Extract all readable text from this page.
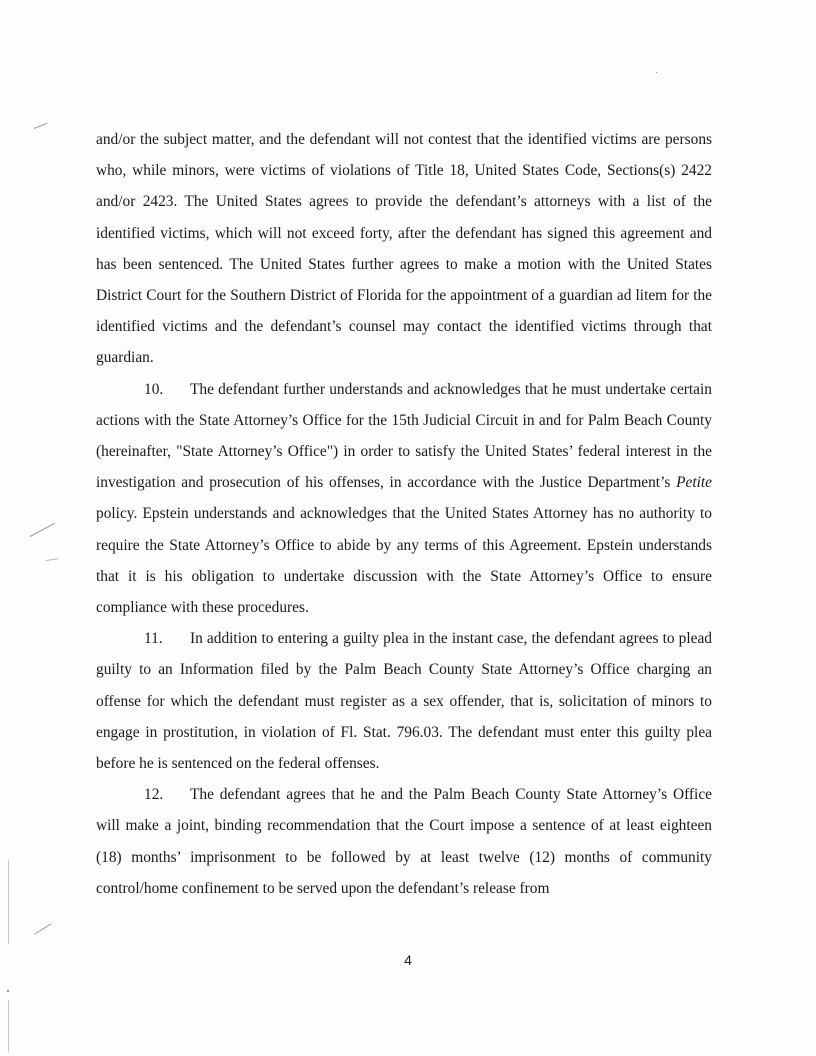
and/or the subject matter, and the defendant will not contest that the identified victims are persons who, while minors, were victims of violations of Title 18, United States Code, Sections(s) 2422 and/or 2423. The United States agrees to provide the defendant’s attorneys with a list of the identified victims, which will not exceed forty, after the defendant has signed this agreement and has been sentenced. The United States further agrees to make a motion with the United States District Court for the Southern District of Florida for the appointment of a guardian ad litem for the identified victims and the defendant’s counsel may contact the identified victims through that guardian.

10. The defendant further understands and acknowledges that he must undertake certain actions with the State Attorney’s Office for the 15th Judicial Circuit in and for Palm Beach County (hereinafter, "State Attorney’s Office") in order to satisfy the United States’ federal interest in the investigation and prosecution of his offenses, in accordance with the Justice Department’s Petite policy. Epstein understands and acknowledges that the United States Attorney has no authority to require the State Attorney’s Office to abide by any terms of this Agreement. Epstein understands that it is his obligation to undertake discussion with the State Attorney’s Office to ensure compliance with these procedures.

11. In addition to entering a guilty plea in the instant case, the defendant agrees to plead guilty to an Information filed by the Palm Beach County State Attorney’s Office charging an offense for which the defendant must register as a sex offender, that is, solicitation of minors to engage in prostitution, in violation of Fl. Stat. 796.03. The defendant must enter this guilty plea before he is sentenced on the federal offenses.

12. The defendant agrees that he and the Palm Beach County State Attorney’s Office will make a joint, binding recommendation that the Court impose a sentence of at least eighteen (18) months’ imprisonment to be followed by at least twelve (12) months of community control/home confinement to be served upon the defendant’s release from

4
